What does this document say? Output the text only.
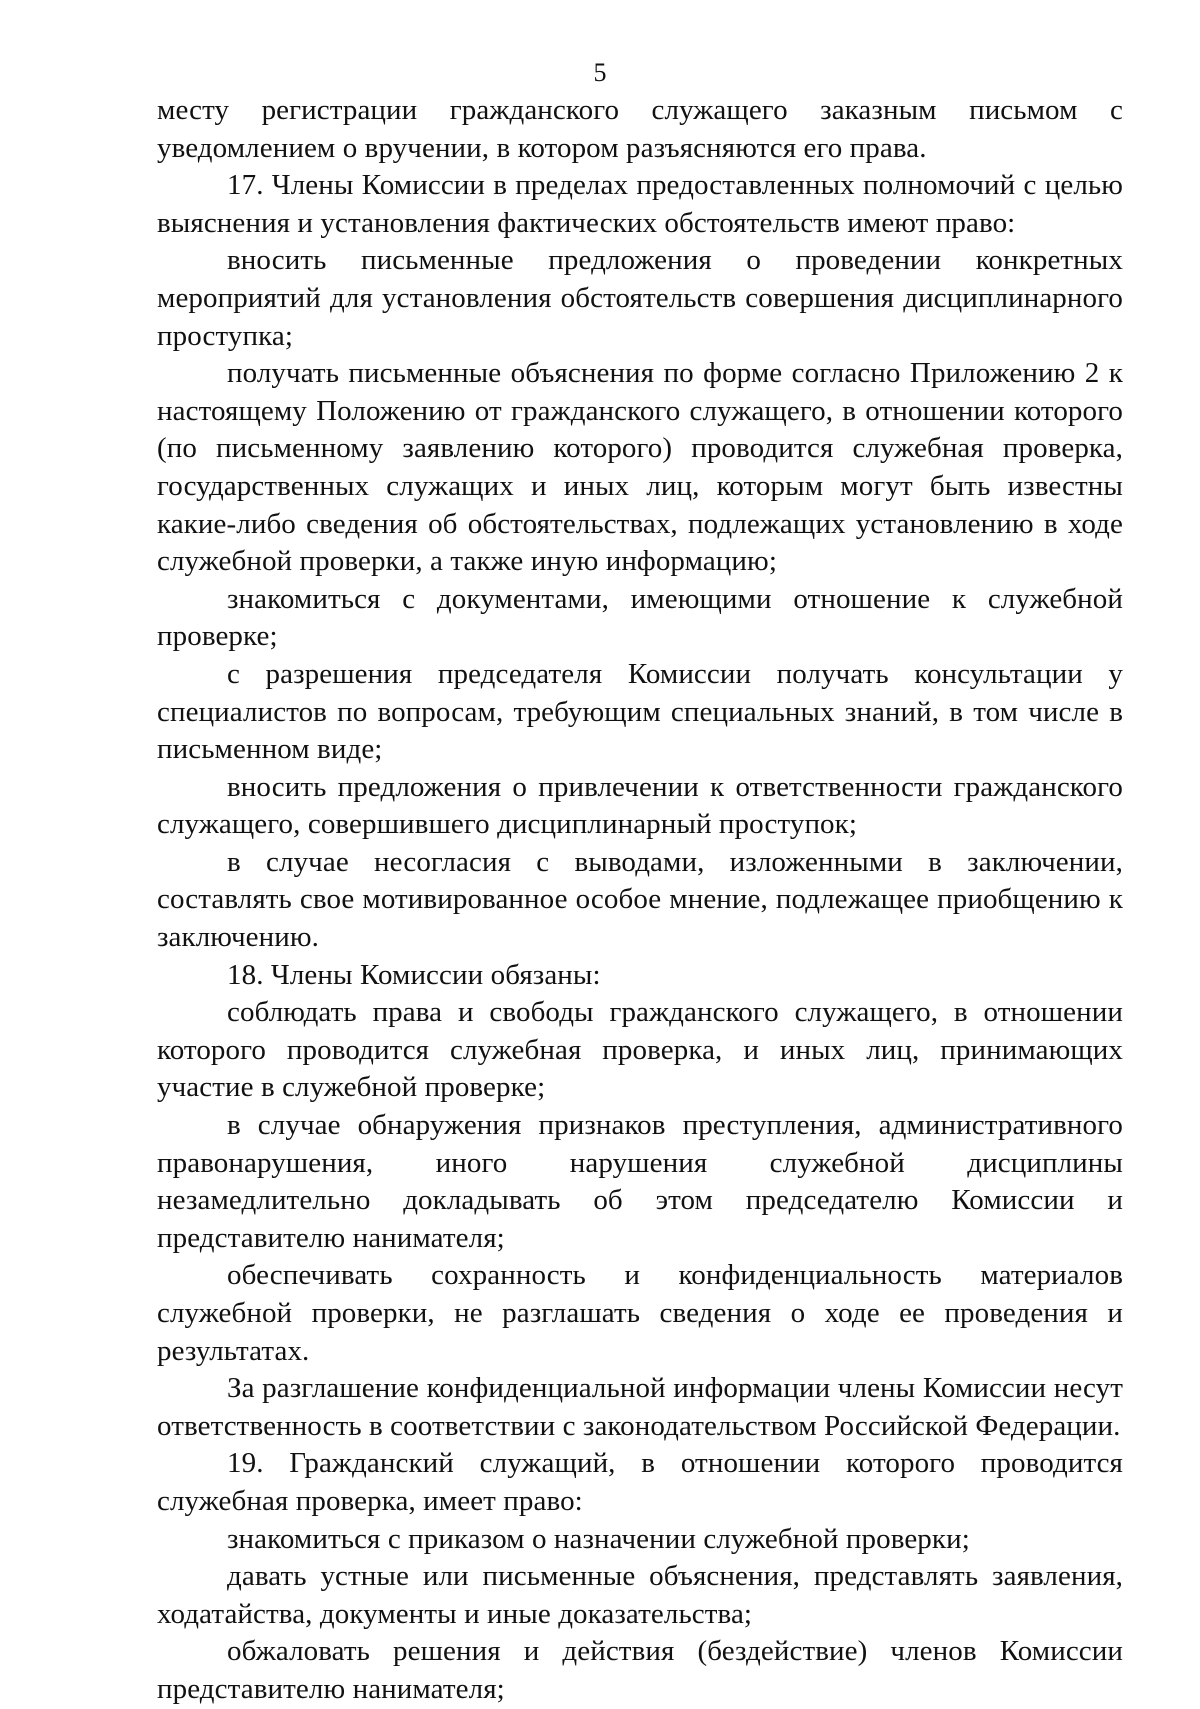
5

месту регистрации гражданского служащего заказным письмом с уведомлением о вручении, в котором разъясняются его права.

17. Члены Комиссии в пределах предоставленных полномочий с целью выяснения и установления фактических обстоятельств имеют право:

вносить письменные предложения о проведении конкретных мероприятий для установления обстоятельств совершения дисциплинарного проступка;

получать письменные объяснения по форме согласно Приложению 2 к настоящему Положению от гражданского служащего, в отношении которого (по письменному заявлению которого) проводится служебная проверка, государственных служащих и иных лиц, которым могут быть известны какие-либо сведения об обстоятельствах, подлежащих установлению в ходе служебной проверки, а также иную информацию;

знакомиться с документами, имеющими отношение к служебной проверке;

с разрешения председателя Комиссии получать консультации у специалистов по вопросам, требующим специальных знаний, в том числе в письменном виде;

вносить предложения о привлечении к ответственности гражданского служащего, совершившего дисциплинарный проступок;

в случае несогласия с выводами, изложенными в заключении, составлять свое мотивированное особое мнение, подлежащее приобщению к заключению.

18. Члены Комиссии обязаны:

соблюдать права и свободы гражданского служащего, в отношении которого проводится служебная проверка, и иных лиц, принимающих участие в служебной проверке;

в случае обнаружения признаков преступления, административного правонарушения, иного нарушения служебной дисциплины незамедлительно докладывать об этом председателю Комиссии и представителю нанимателя;

обеспечивать сохранность и конфиденциальность материалов служебной проверки, не разглашать сведения о ходе ее проведения и результатах.

За разглашение конфиденциальной информации члены Комиссии несут ответственность в соответствии с законодательством Российской Федерации.

19. Гражданский служащий, в отношении которого проводится служебная проверка, имеет право:

знакомиться с приказом о назначении служебной проверки;

давать устные или письменные объяснения, представлять заявления, ходатайства, документы и иные доказательства;

обжаловать решения и действия (бездействие) членов Комиссии представителю нанимателя;
